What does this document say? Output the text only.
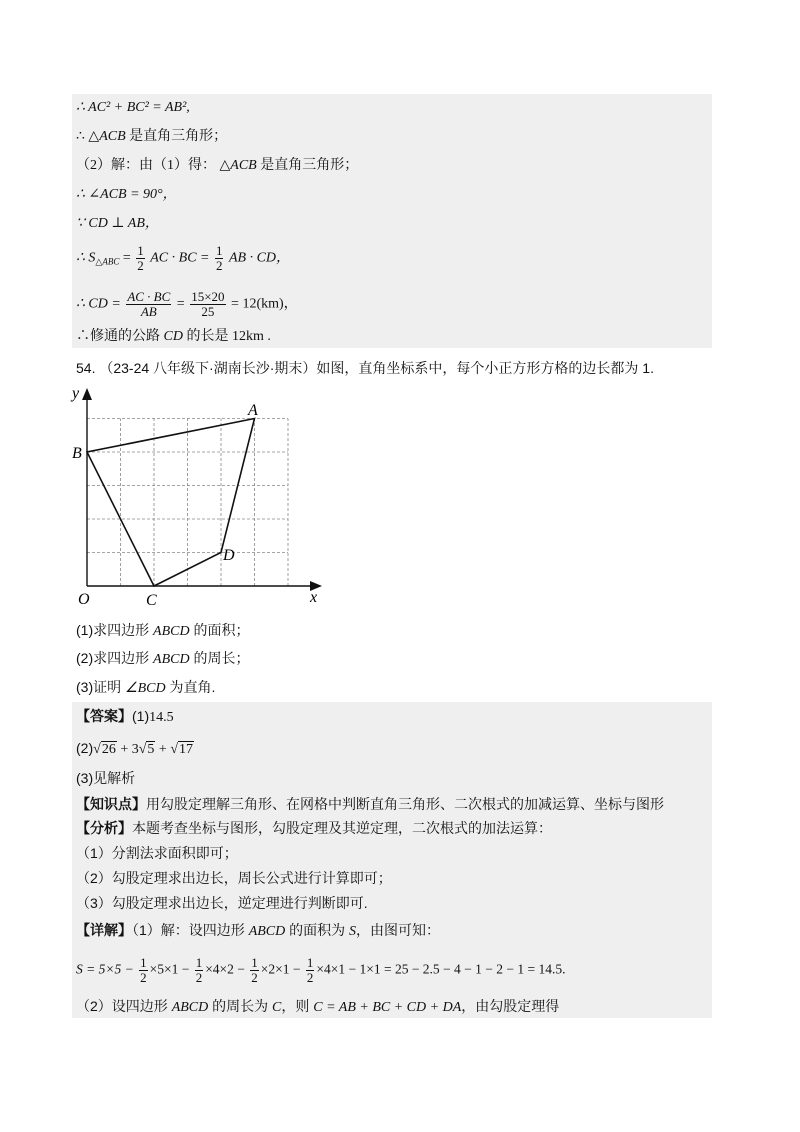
∴ AC² + BC² = AB²,
∴ △ACB 是直角三角形；
（2）解：由（1）得： △ACB 是直角三角形；
∴ ∠ACB = 90°，
∵ CD ⊥ AB，
∴ $S_{\triangle ABC} = \frac{1}{2}$ AC · BC = $\frac{1}{2}$ AB · CD，
∴ CD = $\frac{AC \cdot BC}{AB} = \frac{15\times 20}{25} = 12(km)$，
∴修通的公路 CD 的长是 12km .
54. （23-24 八年级下·湖南长沙·期末）如图，直角坐标系中，每个小正方形方格的边长都为 1.
y
x
O
A
B
C
D
(1)求四边形 ABCD 的面积；
(2)求四边形 ABCD 的周长；
(3)证明 ∠BCD 为直角.
【答案】(1)14.5
(2)√26 + 3√5 + √17
(3)见解析
【知识点】用勾股定理解三角形、在网格中判断直角三角形、二次根式的加减运算、坐标与图形
【分析】本题考查坐标与图形，勾股定理及其逆定理，二次根式的加法运算：
（1）分割法求面积即可；
（2）勾股定理求出边长，周长公式进行计算即可；
（3）勾股定理求出边长，逆定理进行判断即可.
【详解】（1）解：设四边形 ABCD 的面积为 S，由图可知：
$S = 5\times 5 - \frac{1}{2} \times 5\times 1 - \frac{1}{2} \times 4\times 2 - \frac{1}{2} \times 2\times 1 - \frac{1}{2} \times 4\times 1 - 1\times 1 = 25 - 2.5 - 4 - 1 - 2 - 1 = 14.5$.
（2）设四边形 ABCD 的周长为 C，则 C = AB + BC + CD + DA，由勾股定理得
